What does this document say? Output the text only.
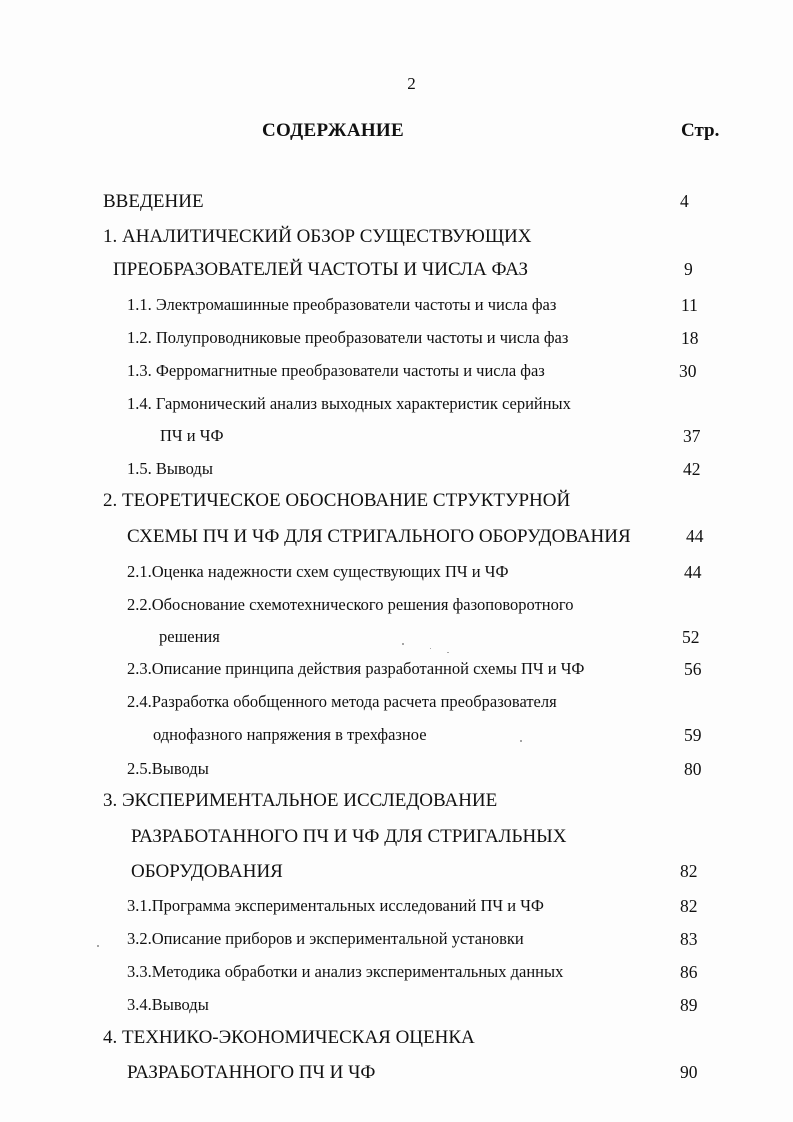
2
СОДЕРЖАНИЕ	Стр.
ВВЕДЕНИЕ	4
1. АНАЛИТИЧЕСКИЙ ОБЗОР СУЩЕСТВУЮЩИХ
ПРЕОБРАЗОВАТЕЛЕЙ ЧАСТОТЫ И ЧИСЛА ФАЗ	9
1.1. Электромашинные преобразователи частоты и числа фаз	11
1.2. Полупроводниковые преобразователи частоты и числа фаз	18
1.3. Ферромагнитные преобразователи частоты и числа фаз	30
1.4. Гармонический анализ выходных характеристик серийных
ПЧ и ЧФ	37
1.5. Выводы	42
2. ТЕОРЕТИЧЕСКОЕ ОБОСНОВАНИЕ СТРУКТУРНОЙ
СХЕМЫ ПЧ И ЧФ ДЛЯ СТРИГАЛЬНОГО ОБОРУДОВАНИЯ	44
2.1.Оценка надежности схем существующих ПЧ и ЧФ	44
2.2.Обоснование схемотехнического решения фазоповоротного
решения	52
2.3.Описание принципа действия разработанной схемы ПЧ и ЧФ	56
2.4.Разработка обобщенного метода расчета преобразователя
однофазного напряжения в трехфазное	59
2.5.Выводы	80
3. ЭКСПЕРИМЕНТАЛЬНОЕ ИССЛЕДОВАНИЕ
РАЗРАБОТАННОГО ПЧ И ЧФ ДЛЯ СТРИГАЛЬНЫХ
ОБОРУДОВАНИЯ	82
3.1.Программа экспериментальных исследований ПЧ и ЧФ	82
3.2.Описание приборов и экспериментальной установки	83
3.3.Методика обработки и анализ экспериментальных данных	86
3.4.Выводы	89
4. ТЕХНИКО-ЭКОНОМИЧЕСКАЯ ОЦЕНКА
РАЗРАБОТАННОГО ПЧ И ЧФ	90
